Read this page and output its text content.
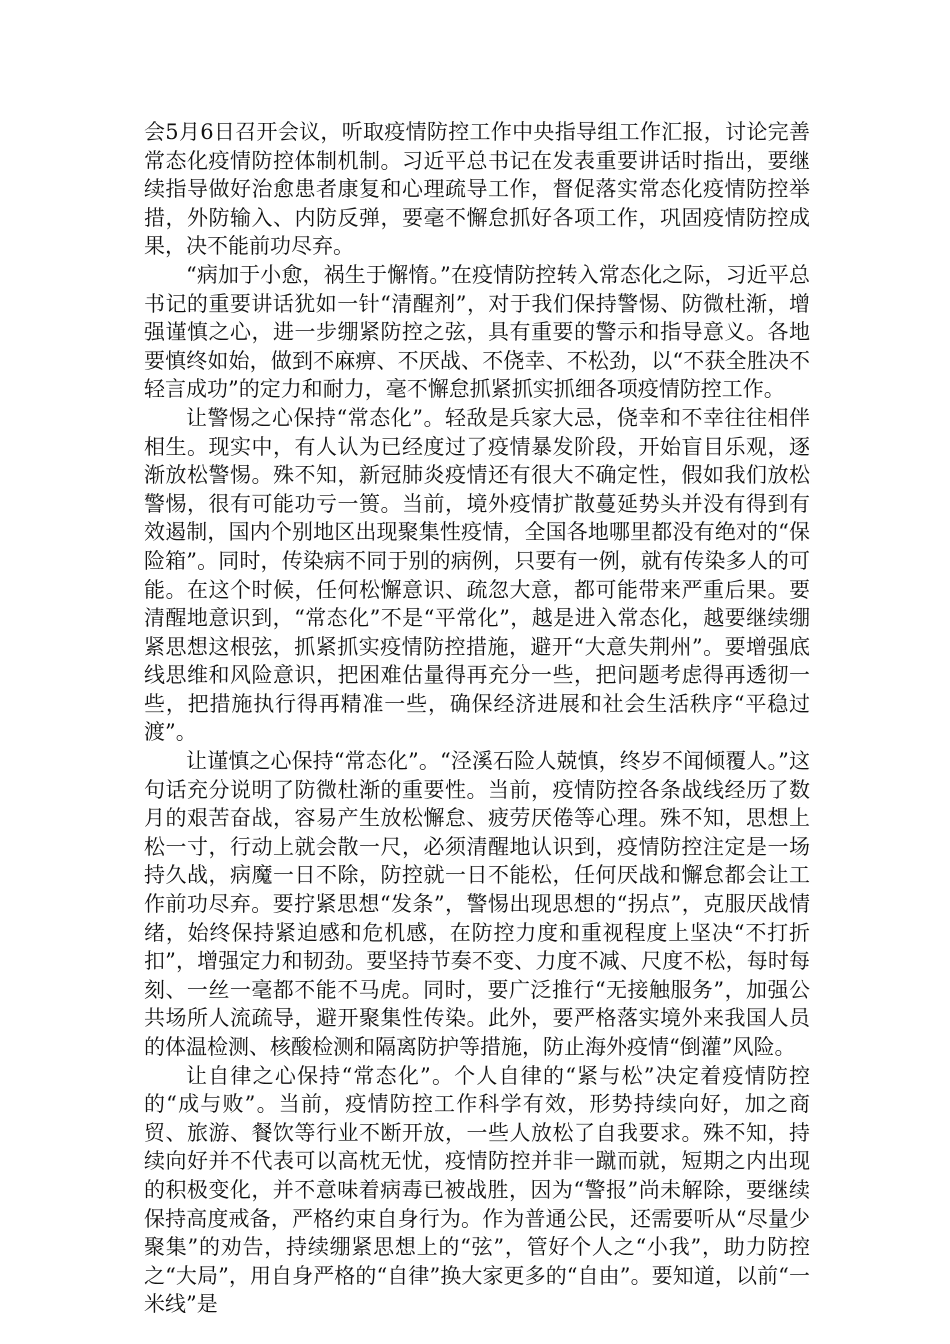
会5月6日召开会议，听取疫情防控工作中央指导组工作汇报，讨论完善常态化疫情防控体制机制。习近平总书记在发表重要讲话时指出，要继续指导做好治愈患者康复和心理疏导工作，督促落实常态化疫情防控举措，外防输入、内防反弹，要毫不懈怠抓好各项工作，巩固疫情防控成果，决不能前功尽弃。

“病加于小愈，祸生于懈惰。”在疫情防控转入常态化之际，习近平总书记的重要讲话犹如一针“清醒剂”，对于我们保持警惕、防微杜渐，增强谨慎之心，进一步绷紧防控之弦，具有重要的警示和指导意义。各地要慎终如始，做到不麻痹、不厌战、不侥幸、不松劲，以“不获全胜决不轻言成功”的定力和耐力，毫不懈怠抓紧抓实抓细各项疫情防控工作。

让警惕之心保持“常态化”。轻敌是兵家大忌，侥幸和不幸往往相伴相生。现实中，有人认为已经度过了疫情暴发阶段，开始盲目乐观，逐渐放松警惕。殊不知，新冠肺炎疫情还有很大不确定性，假如我们放松警惕，很有可能功亏一篑。当前，境外疫情扩散蔓延势头并没有得到有效遏制，国内个别地区出现聚集性疫情，全国各地哪里都没有绝对的“保险箱”。同时，传染病不同于别的病例，只要有一例，就有传染多人的可能。在这个时候，任何松懈意识、疏忽大意，都可能带来严重后果。要清醒地意识到，“常态化”不是“平常化”，越是进入常态化，越要继续绷紧思想这根弦，抓紧抓实疫情防控措施，避开“大意失荆州”。要增强底线思维和风险意识，把困难估量得再充分一些，把问题考虑得再透彻一些，把措施执行得再精准一些，确保经济进展和社会生活秩序“平稳过渡”。

让谨慎之心保持“常态化”。“泾溪石险人兢慎，终岁不闻倾覆人。”这句话充分说明了防微杜渐的重要性。当前，疫情防控各条战线经历了数月的艰苦奋战，容易产生放松懈怠、疲劳厌倦等心理。殊不知，思想上松一寸，行动上就会散一尺，必须清醒地认识到，疫情防控注定是一场持久战，病魔一日不除，防控就一日不能松，任何厌战和懈怠都会让工作前功尽弃。要拧紧思想“发条”，警惕出现思想的“拐点”，克服厌战情绪，始终保持紧迫感和危机感，在防控力度和重视程度上坚决“不打折扣”，增强定力和韧劲。要坚持节奏不变、力度不减、尺度不松，每时每刻、一丝一毫都不能不马虎。同时，要广泛推行“无接触服务”，加强公共场所人流疏导，避开聚集性传染。此外，要严格落实境外来我国人员的体温检测、核酸检测和隔离防护等措施，防止海外疫情“倒灌”风险。

让自律之心保持“常态化”。个人自律的“紧与松”决定着疫情防控的“成与败”。当前，疫情防控工作科学有效，形势持续向好，加之商贸、旅游、餐饮等行业不断开放，一些人放松了自我要求。殊不知，持续向好并不代表可以高枕无忧，疫情防控并非一蹴而就，短期之内出现的积极变化，并不意味着病毒已被战胜，因为“警报”尚未解除，要继续保持高度戒备，严格约束自身行为。作为普通公民，还需要听从“尽量少聚集”的劝告，持续绷紧思想上的“弦”，管好个人之“小我”，助力防控之“大局”，用自身严格的“自律”换大家更多的“自由”。要知道，以前“一米线”是
